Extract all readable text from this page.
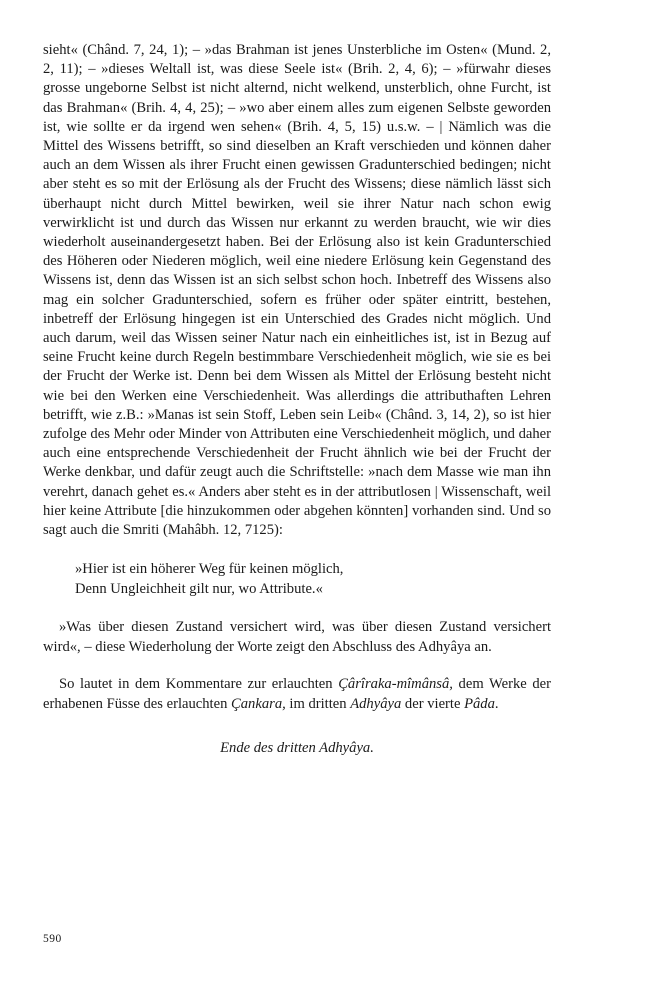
sieht« (Chând. 7, 24, 1); – »das Brahman ist jenes Unsterbliche im Osten« (Mund. 2, 2, 11); – »dieses Weltall ist, was diese Seele ist« (Brih. 2, 4, 6); – »fürwahr dieses grosse ungeborne Selbst ist nicht alternd, nicht welkend, unsterblich, ohne Furcht, ist das Brahman« (Brih. 4, 4, 25); – »wo aber einem alles zum eigenen Selbste geworden ist, wie sollte er da irgend wen sehen« (Brih. 4, 5, 15) u.s.w. – | Nämlich was die Mittel des Wissens betrifft, so sind dieselben an Kraft verschieden und können daher auch an dem Wissen als ihrer Frucht einen gewissen Gradunterschied bedingen; nicht aber steht es so mit der Erlösung als der Frucht des Wissens; diese nämlich lässt sich überhaupt nicht durch Mittel bewirken, weil sie ihrer Natur nach schon ewig verwirklicht ist und durch das Wissen nur erkannt zu werden braucht, wie wir dies wiederholt auseinandergesetzt haben. Bei der Erlösung also ist kein Gradunterschied des Höheren oder Niederen möglich, weil eine niedere Erlösung kein Gegenstand des Wissens ist, denn das Wissen ist an sich selbst schon hoch. Inbetreff des Wissens also mag ein solcher Gradunterschied, sofern es früher oder später eintritt, bestehen, inbetreff der Erlösung hingegen ist ein Unterschied des Grades nicht möglich. Und auch darum, weil das Wissen seiner Natur nach ein einheitliches ist, ist in Bezug auf seine Frucht keine durch Regeln bestimmbare Verschiedenheit möglich, wie sie es bei der Frucht der Werke ist. Denn bei dem Wissen als Mittel der Erlösung besteht nicht wie bei den Werken eine Verschiedenheit. Was allerdings die attributhaften Lehren betrifft, wie z.B.: »Manas ist sein Stoff, Leben sein Leib« (Chând. 3, 14, 2), so ist hier zufolge des Mehr oder Minder von Attributen eine Verschiedenheit möglich, und daher auch eine entsprechende Verschiedenheit der Frucht ähnlich wie bei der Frucht der Werke denkbar, und dafür zeugt auch die Schriftstelle: »nach dem Masse wie man ihn verehrt, danach gehet es.« Anders aber steht es in der attributlosen | Wissenschaft, weil hier keine Attribute [die hinzukommen oder abgehen könnten] vorhanden sind. Und so sagt auch die Smriti (Mahâbh. 12, 7125):

»Hier ist ein höherer Weg für keinen möglich,
Denn Ungleichheit gilt nur, wo Attribute.«

»Was über diesen Zustand versichert wird, was über diesen Zustand versichert wird«, – diese Wiederholung der Worte zeigt den Abschluss des Adhyâya an.

So lautet in dem Kommentare zur erlauchten Çârîraka-mîmânsâ, dem Werke der erhabenen Füsse des erlauchten Çankara, im dritten Adhyâya der vierte Pâda.

Ende des dritten Adhyâya.

590
